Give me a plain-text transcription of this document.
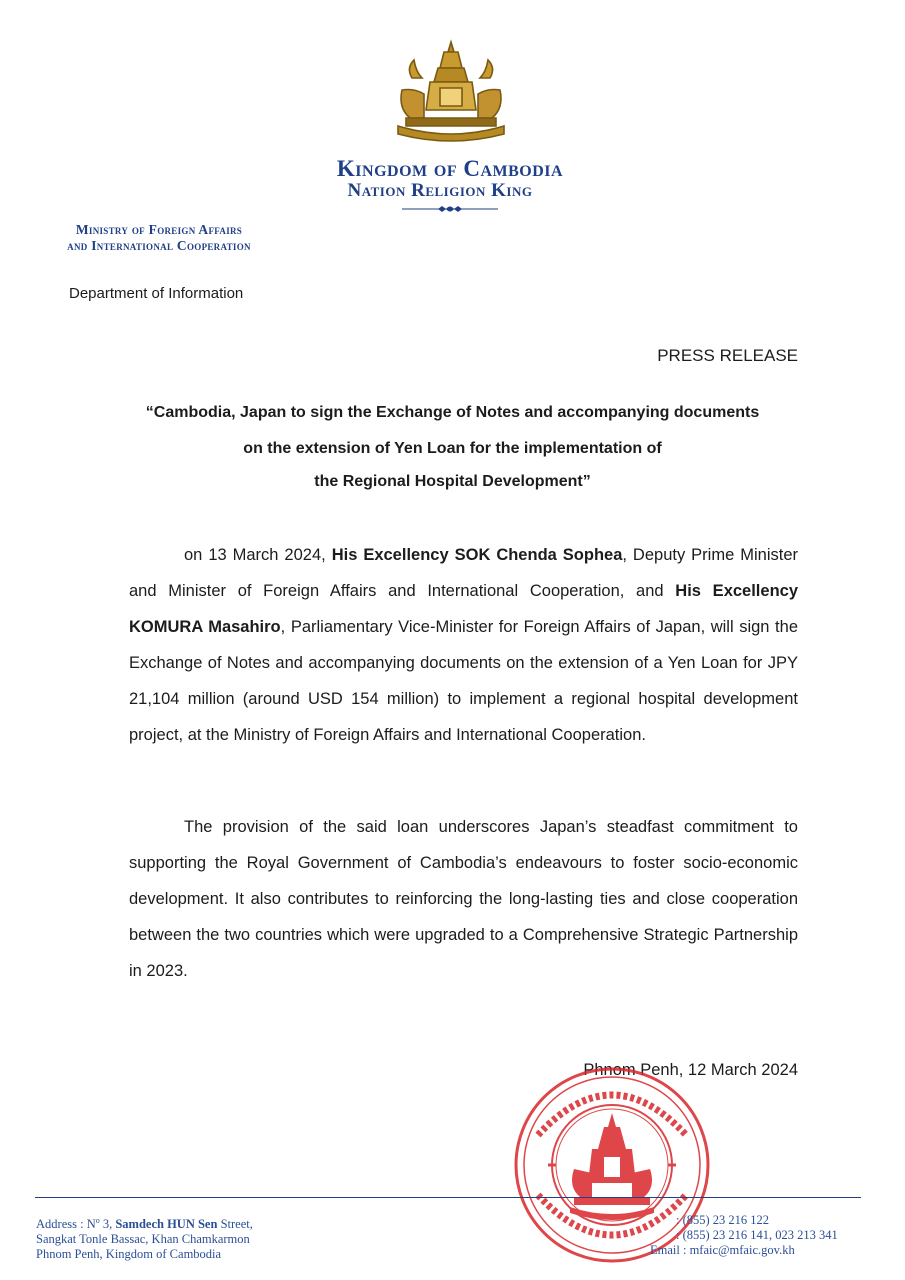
Kingdom of Cambodia
Nation Religion King
Ministry of Foreign Affairs
and International Cooperation
Department of Information
PRESS RELEASE
“Cambodia, Japan to sign the Exchange of Notes and accompanying documents
on the extension of Yen Loan for the implementation of
the Regional Hospital Development”
on 13 March 2024, His Excellency SOK Chenda Sophea, Deputy Prime Minister and Minister of Foreign Affairs and International Cooperation, and His Excellency KOMURA Masahiro, Parliamentary Vice-Minister for Foreign Affairs of Japan, will sign the Exchange of Notes and accompanying documents on the extension of a Yen Loan for JPY 21,104 million (around USD 154 million) to implement a regional hospital development project, at the Ministry of Foreign Affairs and International Cooperation.
The provision of the said loan underscores Japan’s steadfast commitment to supporting the Royal Government of Cambodia’s endeavours to foster socio-economic development. It also contributes to reinforcing the long-lasting ties and close cooperation between the two countries which were upgraded to a Comprehensive Strategic Partnership in 2023.
Phnom Penh, 12 March 2024
Address : $N^o$ 3, Samdech HUN Sen Street,
Sangkat Tonle Bassac, Khan Chamkarmon
Phnom Penh, Kingdom of Cambodia
: (855) 23 216 122
: (855) 23 216 141, 023 213 341
Email : mfaic@mfaic.gov.kh
